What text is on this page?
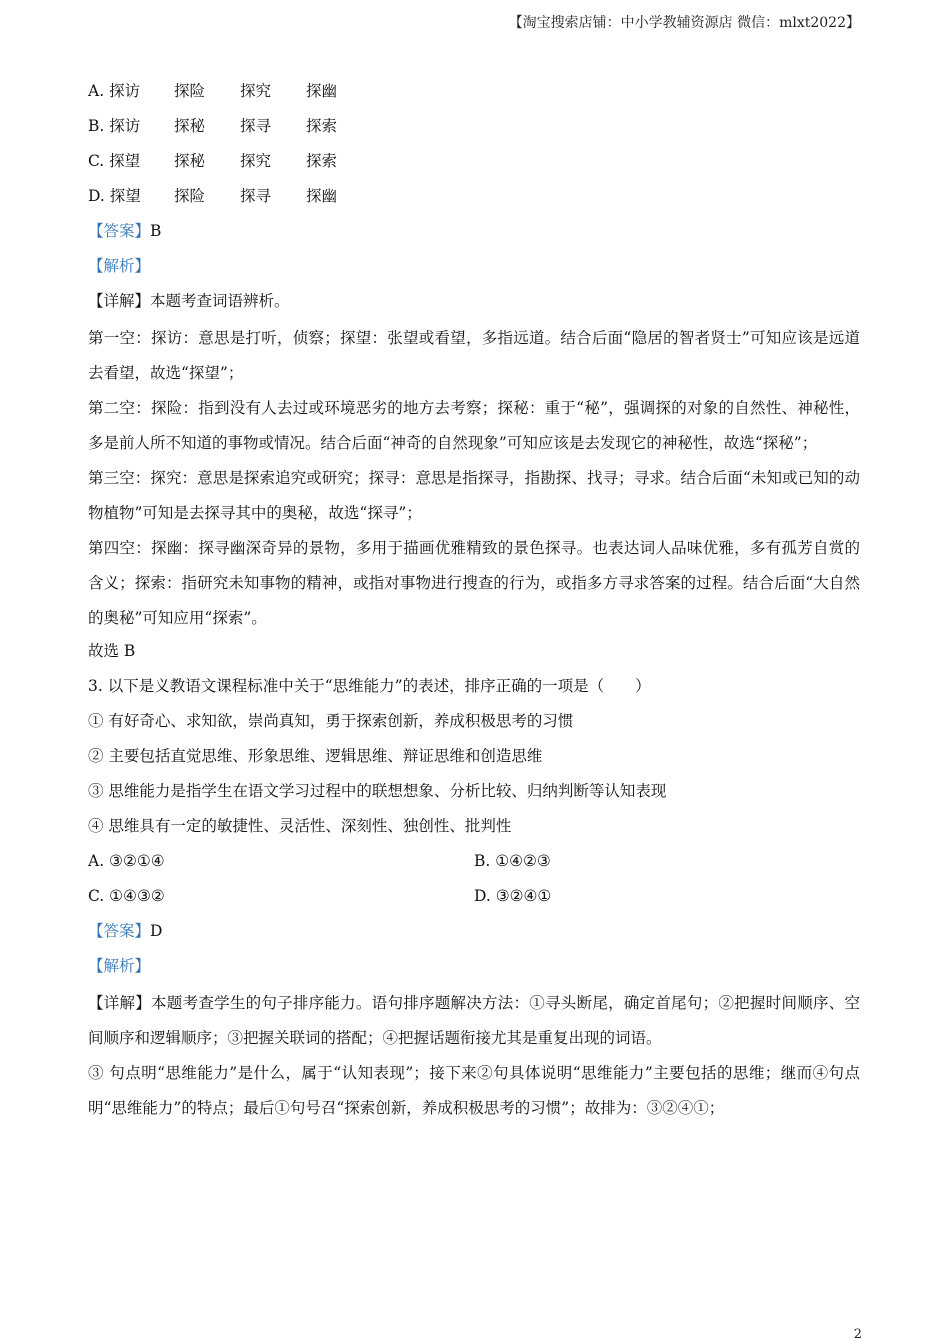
【淘宝搜索店铺：中小学教辅资源店 微信：mlxt2022】
A. 探访 探险 探究 探幽
B. 探访 探秘 探寻 探索
C. 探望 探秘 探究 探索
D. 探望 探险 探寻 探幽
【答案】B
【解析】
【详解】本题考查词语辨析。

第一空：探访：意思是打听，侦察；探望：张望或看望，多指远道。结合后面“隐居的智者贤士”可知应该是远道去看望，故选“探望”；

第二空：探险：指到没有人去过或环境恶劣的地方去考察；探秘：重于“秘”，强调探的对象的自然性、神秘性，多是前人所不知道的事物或情况。结合后面“神奇的自然现象”可知应该是去发现它的神秘性，故选“探秘”；

第三空：探究：意思是探索追究或研究；探寻：意思是指探寻，指勘探、找寻；寻求。结合后面“未知或已知的动物植物”可知是去探寻其中的奥秘，故选“探寻”；

第四空：探幽：探寻幽深奇异的景物，多用于描画优雅精致的景色探寻。也表达词人品味优雅，多有孤芳自赏的含义；探索：指研究未知事物的精神，或指对事物进行搜查的行为，或指多方寻求答案的过程。结合后面“大自然的奥秘”可知应用“探索”。

故选 B
3. 以下是义教语文课程标准中关于“思维能力”的表述，排序正确的一项是（　　）
① 有好奇心、求知欲，崇尚真知，勇于探索创新，养成积极思考的习惯
② 主要包括直觉思维、形象思维、逻辑思维、辩证思维和创造思维
③ 思维能力是指学生在语文学习过程中的联想想象、分析比较、归纳判断等认知表现
④ 思维具有一定的敏捷性、灵活性、深刻性、独创性、批判性
A. ③②①④	B. ①④②③
C. ①④③②	D. ③②④①
【答案】D
【解析】

【详解】本题考查学生的句子排序能力。语句排序题解决方法：①寻头断尾，确定首尾句；②把握时间顺序、空间顺序和逻辑顺序；③把握关联词的搭配；④把握话题衔接尤其是重复出现的词语。

③ 句点明“思维能力”是什么，属于“认知表现”；接下来②句具体说明“思维能力”主要包括的思维；继而④句点明“思维能力”的特点；最后①句号召“探索创新，养成积极思考的习惯”；故排为：③②④①；

2
